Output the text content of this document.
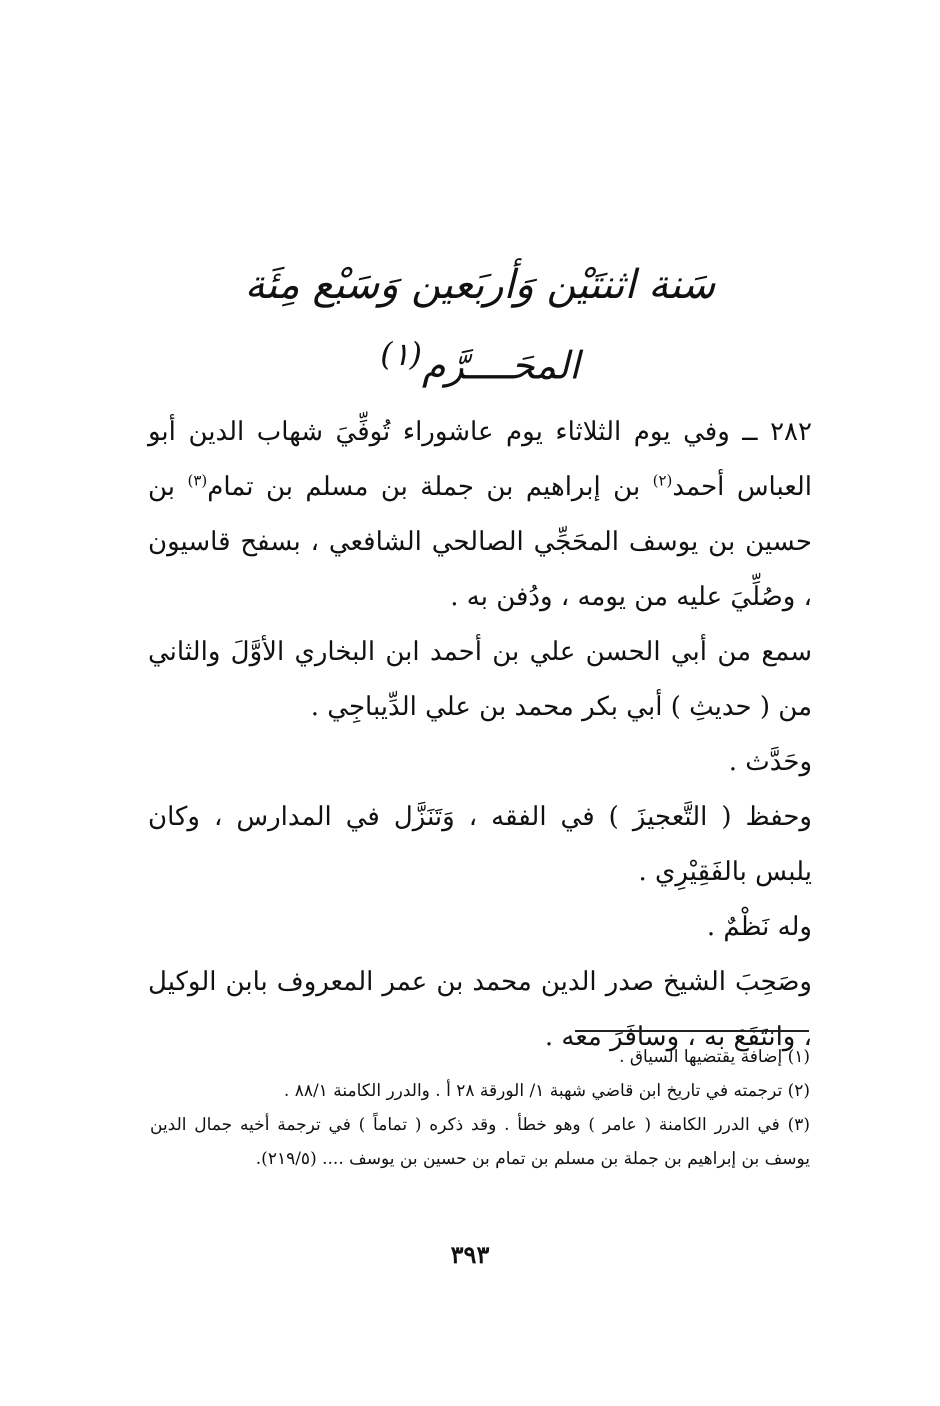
سَنة اثنتَيْن وَأربَعين وَسَبْع مِئَة
المحَــــرَّم$^{(١)}$

٢٨٢ ــ وفي يوم الثلاثاء يوم عاشوراء تُوفِّيَ شهاب الدين أبو العباس أحمد$^{(٢)}$ بن إبراهيم بن جملة بن مسلم بن تمام$^{(٣)}$ بن حسين بن يوسف المحَجِّي الصالحي الشافعي ، بسفح قاسيون ، وصُلِّيَ عليه من يومه ، ودُفن به .

سمع من أبي الحسن علي بن أحمد ابن البخاري الأوَّلَ والثاني من ( حديثِ ) أبي بكر محمد بن علي الدِّيباجِي .

وحَدَّث .

وحفظ ( التَّعجيزَ ) في الفقه ، وَتَنَزَّل في المدارس ، وكان يلبس بالفَقِيْرِي .

وله نَظْمٌ .

وصَحِبَ الشيخ صدر الدين محمد بن عمر المعروف بابن الوكيل ، وانتَفَعَ به ، وسافَرَ معه .

(١) إضافة يقتضيها السياق .

(٢) ترجمته في تاريخ ابن قاضي شهبة ١/ الورقة ٢٨ أ . والدرر الكامنة ٨٨/١ .

(٣) في الدرر الكامنة ( عامر ) وهو خطأ . وقد ذكره ( تماماً ) في ترجمة أخيه جمال الدين يوسف بن إبراهيم بن جملة بن مسلم بن تمام بن حسين بن يوسف .... (٢١٩/٥).

٣٩٣
